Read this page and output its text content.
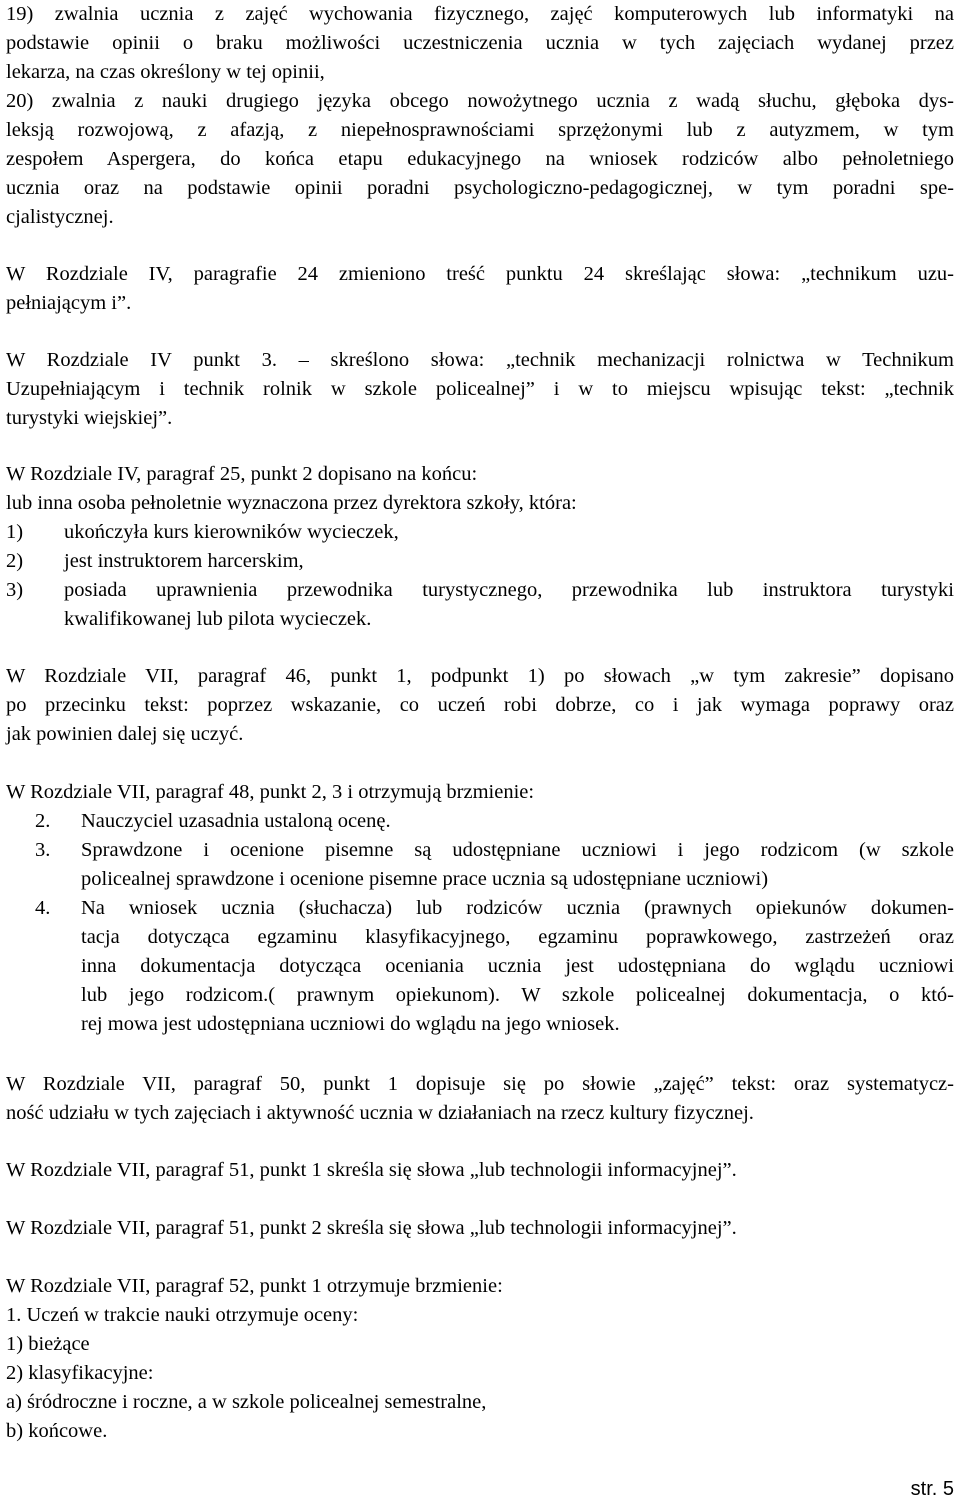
19) zwalnia ucznia z zajęć wychowania fizycznego, zajęć komputerowych lub informatyki na
podstawie opinii o braku możliwości uczestniczenia ucznia w tych zajęciach wydanej przez
lekarza, na czas określony w tej opinii,
20) zwalnia z nauki drugiego języka obcego nowożytnego ucznia z wadą słuchu, głęboka dys-
leksją rozwojową, z afazją, z niepełnosprawnościami sprzężonymi lub z autyzmem, w tym
zespołem Aspergera, do końca etapu edukacyjnego na wniosek rodziców albo pełnoletniego
ucznia oraz na podstawie opinii poradni psychologiczno-pedagogicznej, w tym poradni spe-
cjalistycznej.
W Rozdziale IV, paragrafie 24 zmieniono treść punktu 24 skreślając słowa: „technikum uzu-
pełniającym i”.
W Rozdziale IV punkt 3. – skreślono słowa: „technik mechanizacji rolnictwa w Technikum
Uzupełniającym i technik rolnik w szkole policealnej” i w to miejscu wpisując tekst: „technik
turystyki wiejskiej”.
W Rozdziale IV, paragraf 25, punkt 2 dopisano na końcu:
lub inna osoba pełnoletnie wyznaczona przez dyrektora szkoły, która:
1)	ukończyła kurs kierowników wycieczek,
2)	jest instruktorem harcerskim,
3)	posiada uprawnienia przewodnika turystycznego, przewodnika lub instruktora turystyki
kwalifikowanej lub pilota wycieczek.
W Rozdziale VII, paragraf 46, punkt 1, podpunkt 1) po słowach „w tym zakresie” dopisano
po przecinku tekst: poprzez wskazanie, co uczeń robi dobrze, co i jak wymaga poprawy oraz
jak powinien dalej się uczyć.
W Rozdziale VII, paragraf 48, punkt 2, 3 i otrzymują brzmienie:
2.	Nauczyciel uzasadnia ustaloną ocenę.
3.	Sprawdzone i ocenione pisemne są udostępniane uczniowi i jego rodzicom (w szkole
policealnej sprawdzone i ocenione pisemne prace ucznia są udostępniane uczniowi)
4.	Na wniosek ucznia (słuchacza) lub rodziców ucznia (prawnych opiekunów dokumen-
tacja dotycząca egzaminu klasyfikacyjnego, egzaminu poprawkowego, zastrzeżeń oraz
inna dokumentacja dotycząca oceniania ucznia jest udostępniana do wglądu uczniowi
lub jego rodzicom.( prawnym opiekunom). W szkole policealnej dokumentacja, o któ-
rej mowa jest udostępniana uczniowi do wglądu na jego wniosek.
W Rozdziale VII, paragraf 50, punkt 1 dopisuje się po słowie „zajęć” tekst: oraz systematycz-
ność udziału w tych zajęciach i aktywność ucznia w działaniach na rzecz kultury fizycznej.
W Rozdziale VII, paragraf 51, punkt 1 skreśla się słowa „lub technologii informacyjnej”.
W Rozdziale VII, paragraf 51, punkt 2 skreśla się słowa „lub technologii informacyjnej”.
W Rozdziale VII, paragraf 52, punkt 1 otrzymuje brzmienie:
1. Uczeń w trakcie nauki otrzymuje oceny:
1) bieżące
2) klasyfikacyjne:
a) śródroczne i roczne, a w szkole policealnej semestralne,
b) końcowe.
str. 5
